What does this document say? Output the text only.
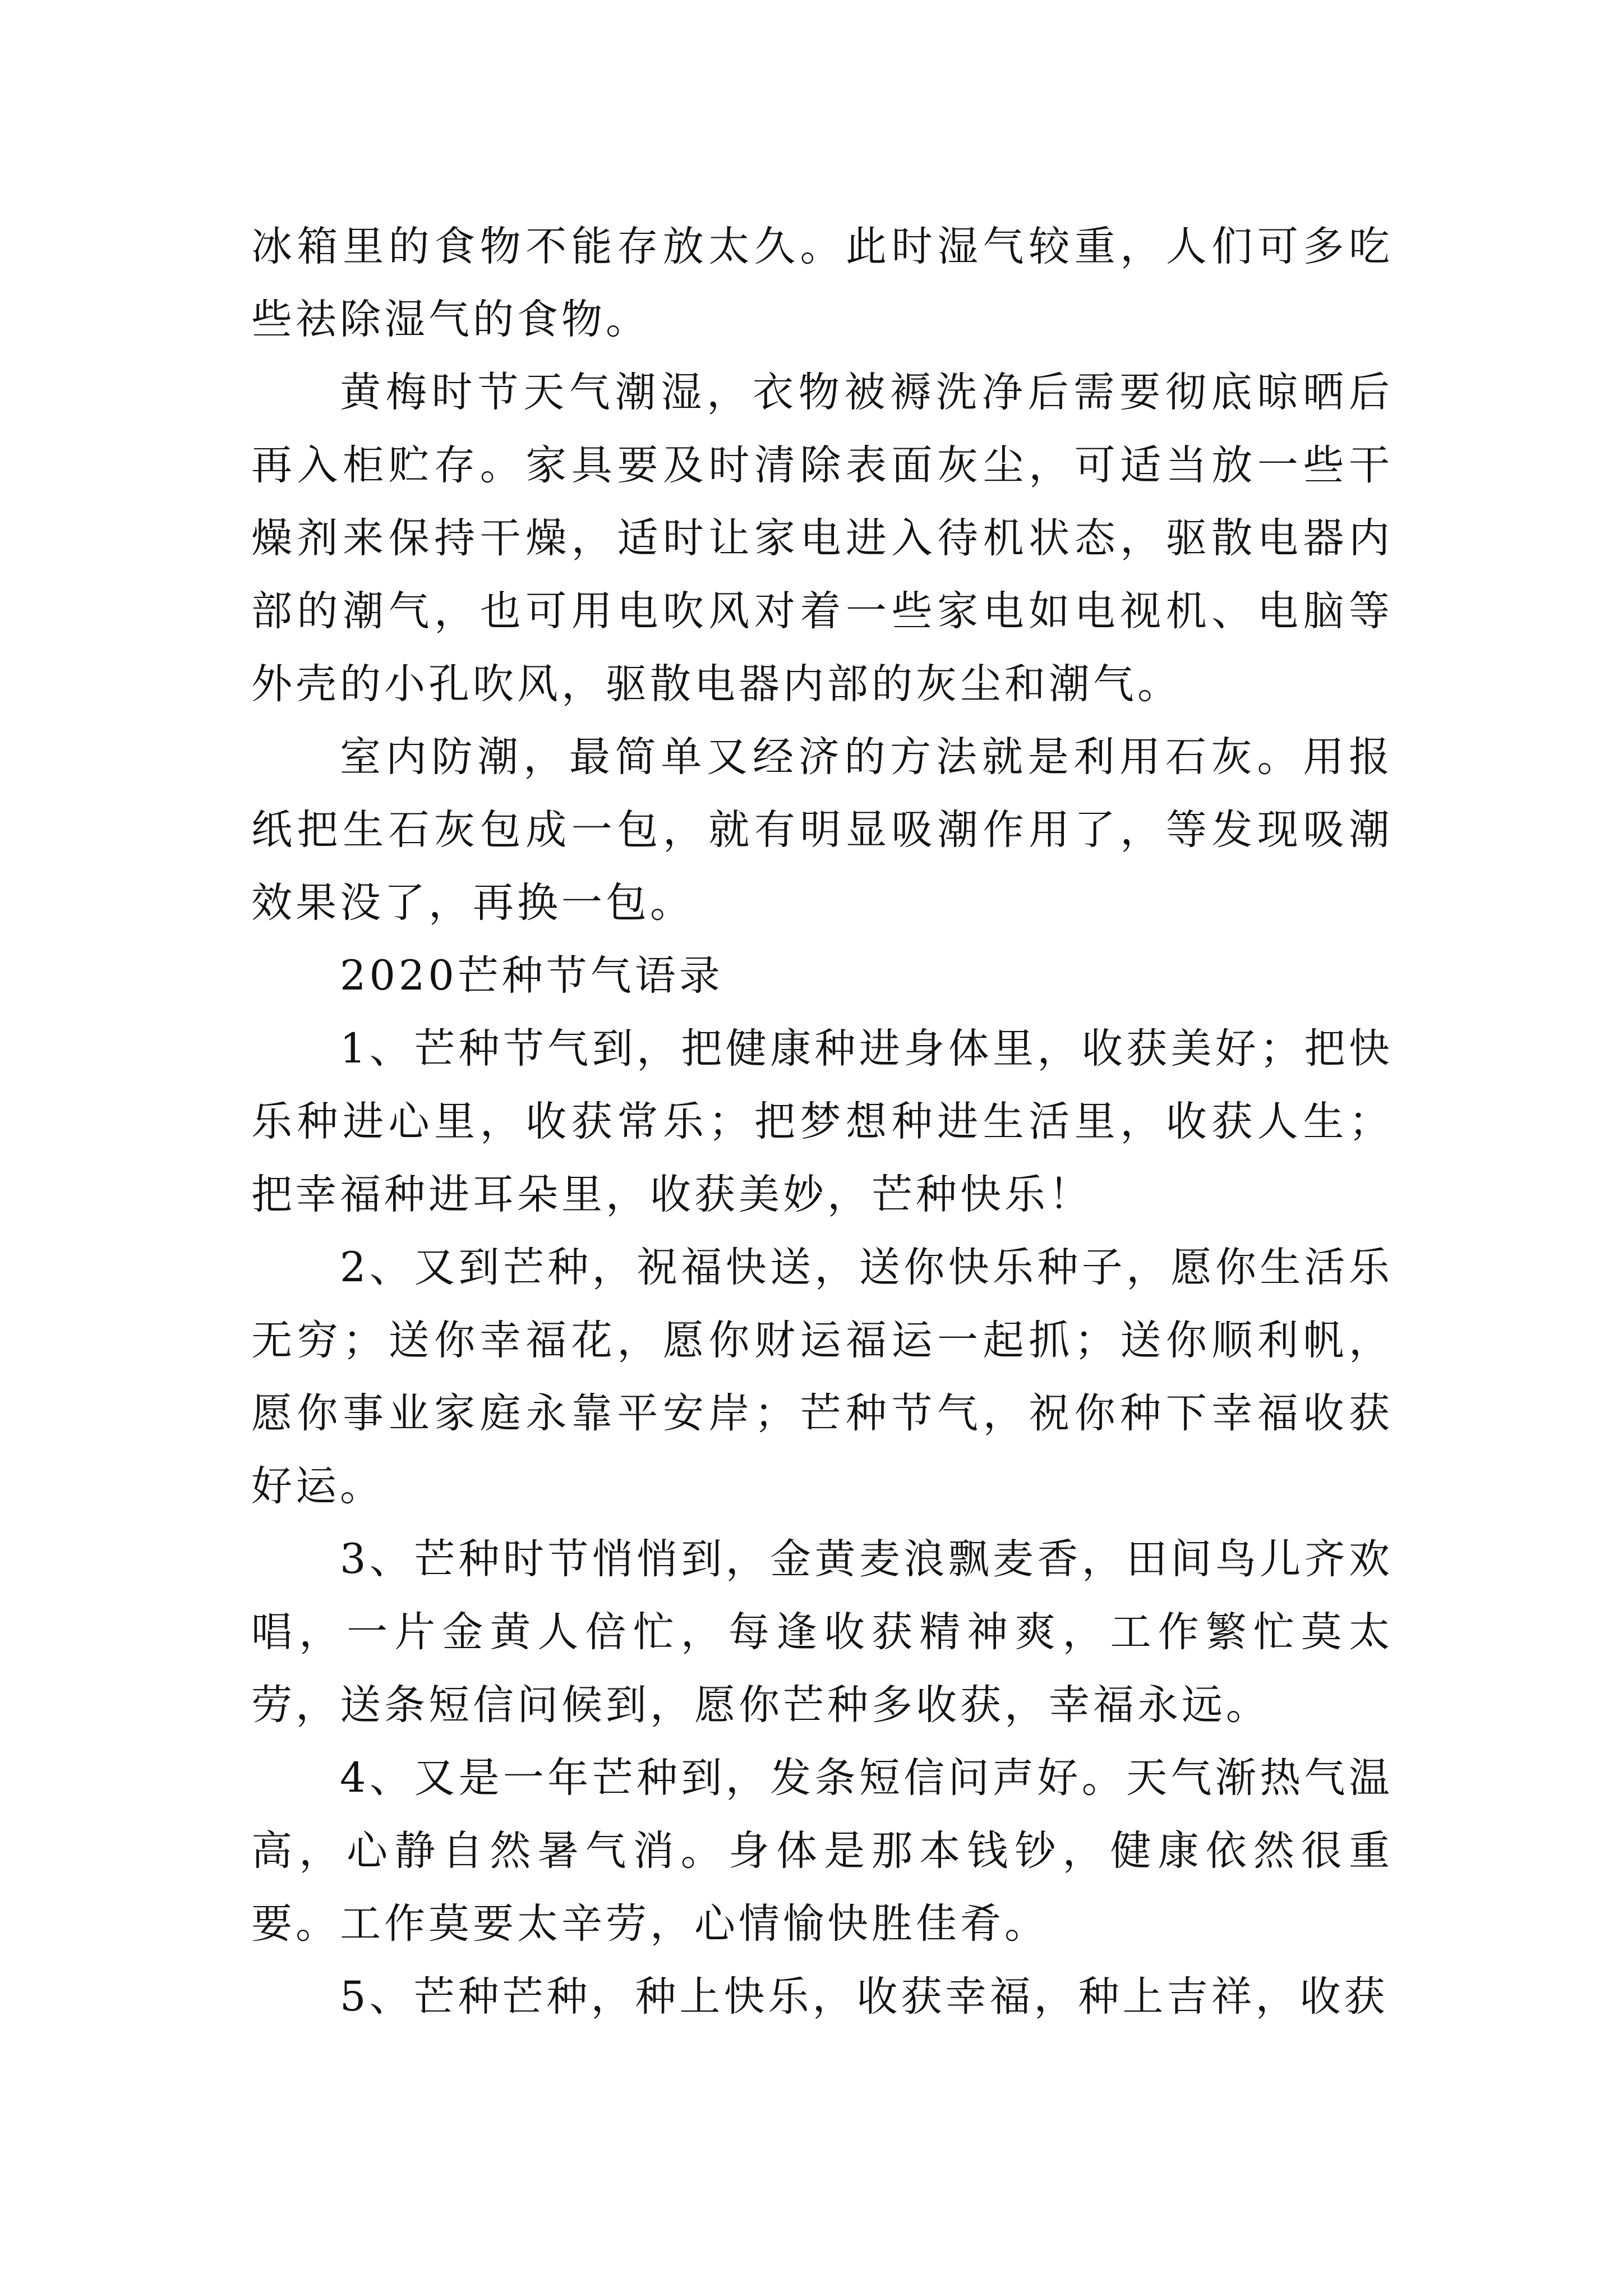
冰箱里的食物不能存放太久。此时湿气较重，人们可多吃些祛除湿气的食物。

黄梅时节天气潮湿，衣物被褥洗净后需要彻底晾晒后再入柜贮存。家具要及时清除表面灰尘，可适当放一些干燥剂来保持干燥，适时让家电进入待机状态，驱散电器内部的潮气，也可用电吹风对着一些家电如电视机、电脑等外壳的小孔吹风，驱散电器内部的灰尘和潮气。

室内防潮，最简单又经济的方法就是利用石灰。用报纸把生石灰包成一包，就有明显吸潮作用了，等发现吸潮效果没了，再换一包。

2020芒种节气语录

1、芒种节气到，把健康种进身体里，收获美好；把快乐种进心里，收获常乐；把梦想种进生活里，收获人生；把幸福种进耳朵里，收获美妙，芒种快乐！

2、又到芒种，祝福快送，送你快乐种子，愿你生活乐无穷；送你幸福花，愿你财运福运一起抓；送你顺利帆，愿你事业家庭永靠平安岸；芒种节气，祝你种下幸福收获好运。

3、芒种时节悄悄到，金黄麦浪飘麦香，田间鸟儿齐欢唱，一片金黄人倍忙，每逢收获精神爽，工作繁忙莫太劳，送条短信问候到，愿你芒种多收获，幸福永远。

4、又是一年芒种到，发条短信问声好。天气渐热气温高，心静自然暑气消。身体是那本钱钞，健康依然很重要。工作莫要太辛劳，心情愉快胜佳肴。

5、芒种芒种，种上快乐，收获幸福，种上吉祥，收获
